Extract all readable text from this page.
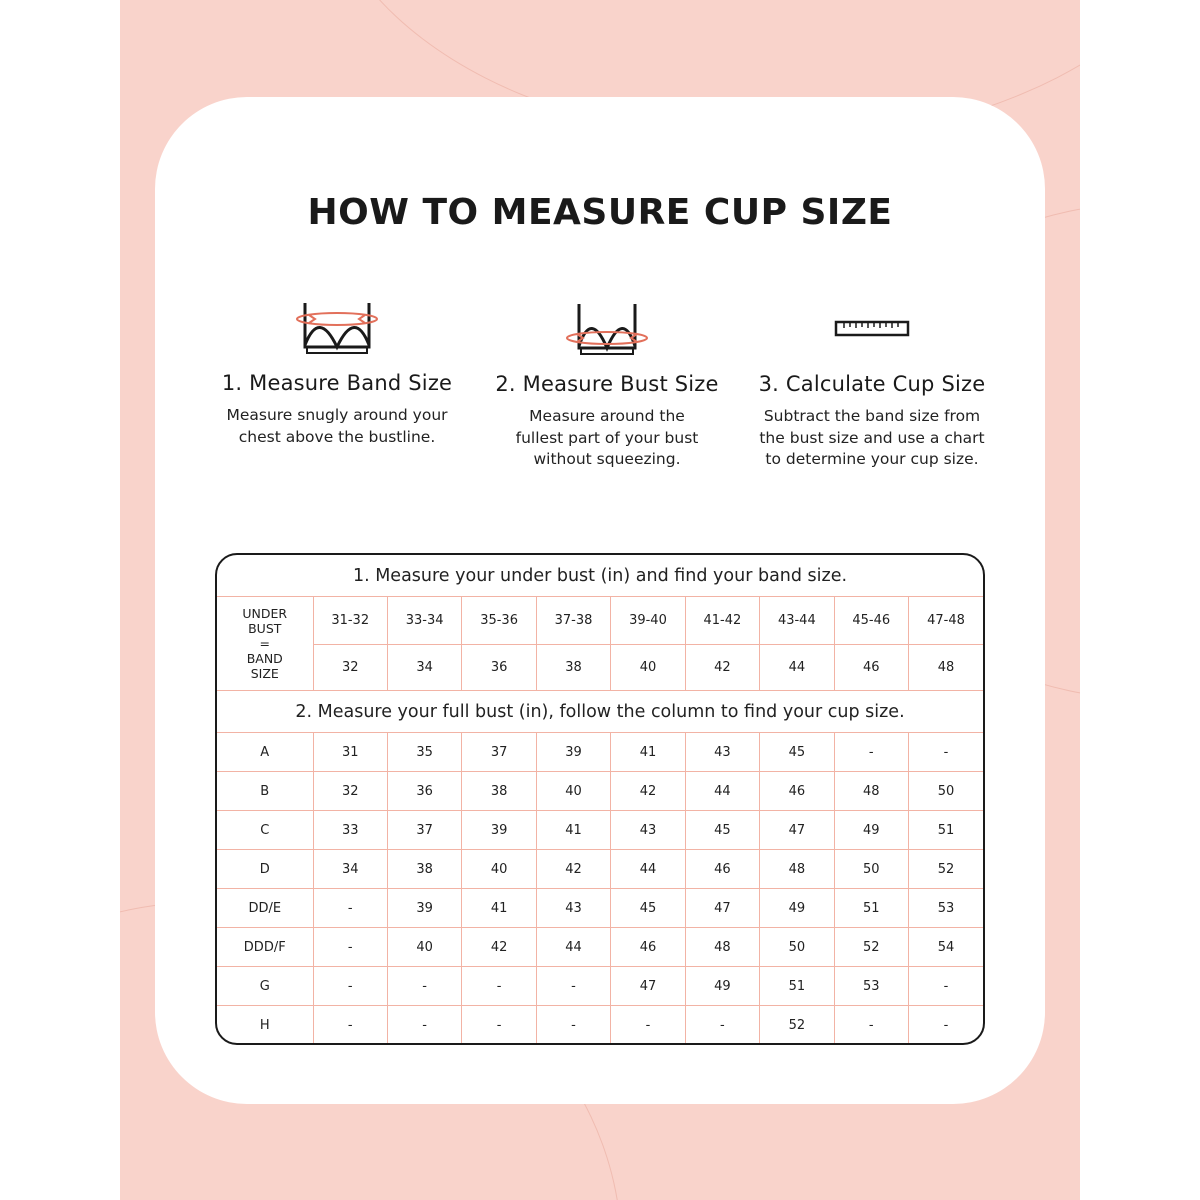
HOW TO MEASURE CUP SIZE
1. Measure Band Size

Measure snugly around your chest above the bustline.

2. Measure Bust Size

Measure around the fullest part of your bust without squeezing.

3. Calculate Cup Size

Subtract the band size from the bust size and use a chart to determine your cup size.

1. Measure your under bust (in) and find your band size.									

UNDER
BUST
=
BAND
SIZE	31-32	33-34	35-36	37-38	39-40	41-42	43-44	45-46	47-48
	32	34	36	38	40	42	44	46	48
2. Measure your full bust (in), follow the column to find your cup size.									
A	31	35	37	39	41	43	45	-	-
B	32	36	38	40	42	44	46	48	50
C	33	37	39	41	43	45	47	49	51
D	34	38	40	42	44	46	48	50	52
DD/E	-	39	41	43	45	47	49	51	53
DDD/F	-	40	42	44	46	48	50	52	54
G	-	-	-	-	47	49	51	53	-
H	-	-	-	-	-	-	52	-	-
